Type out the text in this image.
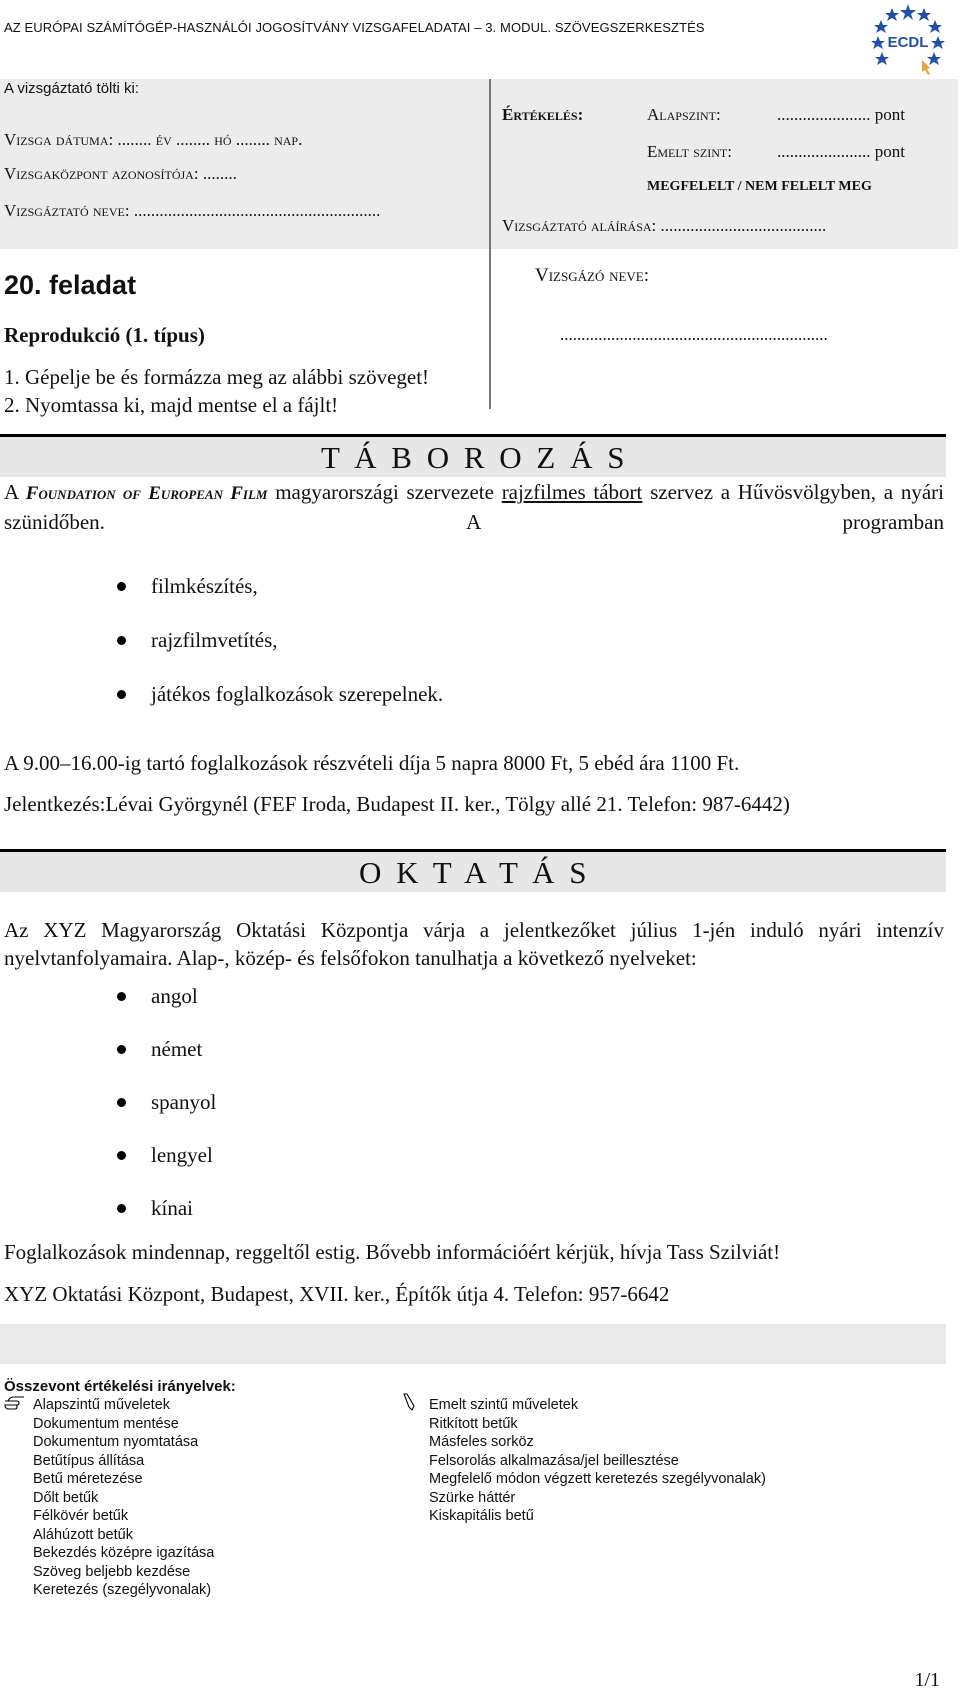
AZ EURÓPAI SZÁMÍTÓGÉP-HASZNÁLÓI JOGOSÍTVÁNY VIZSGAFELADATAI – 3. MODUL. SZÖVEGSZERKESZTÉS
ECDL
A vizsgáztató tölti ki:
Vizsga dátuma: ........ év ........ hó ........ nap.
Vizsgaközpont azonosítója: ........
Vizsgáztató neve: ..........................................................
Értékelés:	Alapszint:	...................... pont
Emelt szint:	...................... pont
MEGFELELT / NEM FELELT MEG
Vizsgáztató aláírása: .......................................
20. feladat
Reprodukció (1. típus)
1. Gépelje be és formázza meg az alábbi szöveget!
2. Nyomtassa ki, majd mentse el a fájlt!
Vizsgázó neve:
...............................................................
T Á B O R O Z Á S
A Foundation of European Film magyarországi szervezete rajzfilmes tábort szervez a Hűvösvölgyben, a nyári szünidőben. A programban
filmkészítés,
rajzfilmvetítés,
játékos foglalkozások szerepelnek.
A 9.00–16.00-ig tartó foglalkozások részvételi díja 5 napra 8000 Ft, 5 ebéd ára 1100 Ft.
Jelentkezés:Lévai Györgynél (FEF Iroda, Budapest II. ker., Tölgy allé 21. Telefon: 987-6442)
O K T A T Á S
Az XYZ Magyarország Oktatási Központja várja a jelentkezőket július 1-jén induló nyári intenzív nyelvtanfolyamaira. Alap-, közép- és felsőfokon tanulhatja a következő nyelveket:
angol
német
spanyol
lengyel
kínai
Foglalkozások mindennap, reggeltől estig. Bővebb információért kérjük, hívja Tass Szilviát!
XYZ Oktatási Központ, Budapest, XVII. ker., Építők útja 4. Telefon: 957-6642
Összevont értékelési irányelvek:
1/1
Alapszintű műveletek
Dokumentum mentése
Dokumentum nyomtatása
Betűtípus állítása
Betű méretezése
Dőlt betűk
Félkövér betűk
Aláhúzott betűk
Bekezdés középre igazítása
Szöveg beljebb kezdése
Keretezés (szegélyvonalak)
Emelt szintű műveletek
Ritkított betűk
Másfeles sorköz
Felsorolás alkalmazása/jel beillesztése
Megfelelő módon végzett keretezés szegélyvonalak)
Szürke háttér
Kiskapitális betű
